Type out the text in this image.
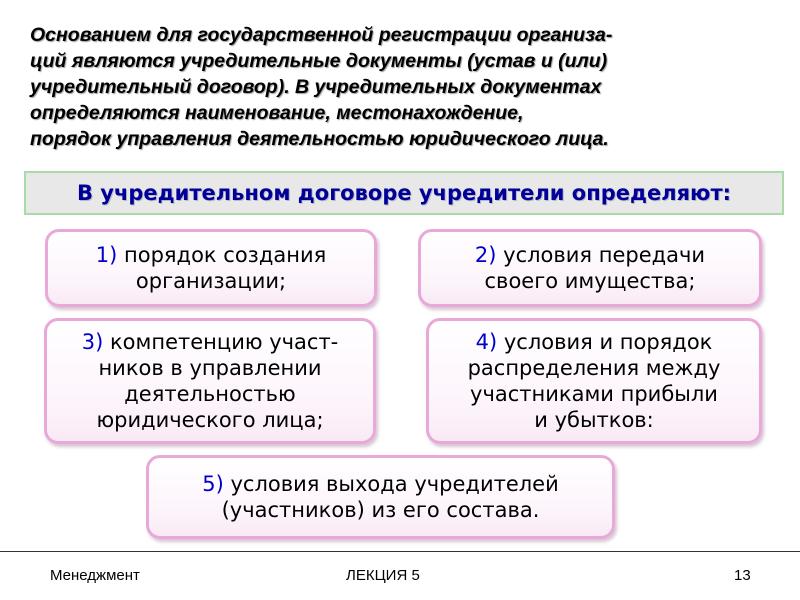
Основанием для государственной регистрации организа-
ций являются учредительные документы (устав и (или)
учредительный договор). В учредительных документах
определяются наименование, местонахождение,
порядок управления деятельностью юридического лица.
В учредительном договоре учредители определяют:
1) порядок создания
организации;
2) условия передачи
своего имущества;
3) компетенцию участ-
ников в управлении
деятельностью
юридического лица;
4) условия и порядок
распределения между
участниками прибыли
и убытков:
5) условия выхода учредителей
(участников) из его состава.
Менеджмент	ЛЕКЦИЯ 5	13
